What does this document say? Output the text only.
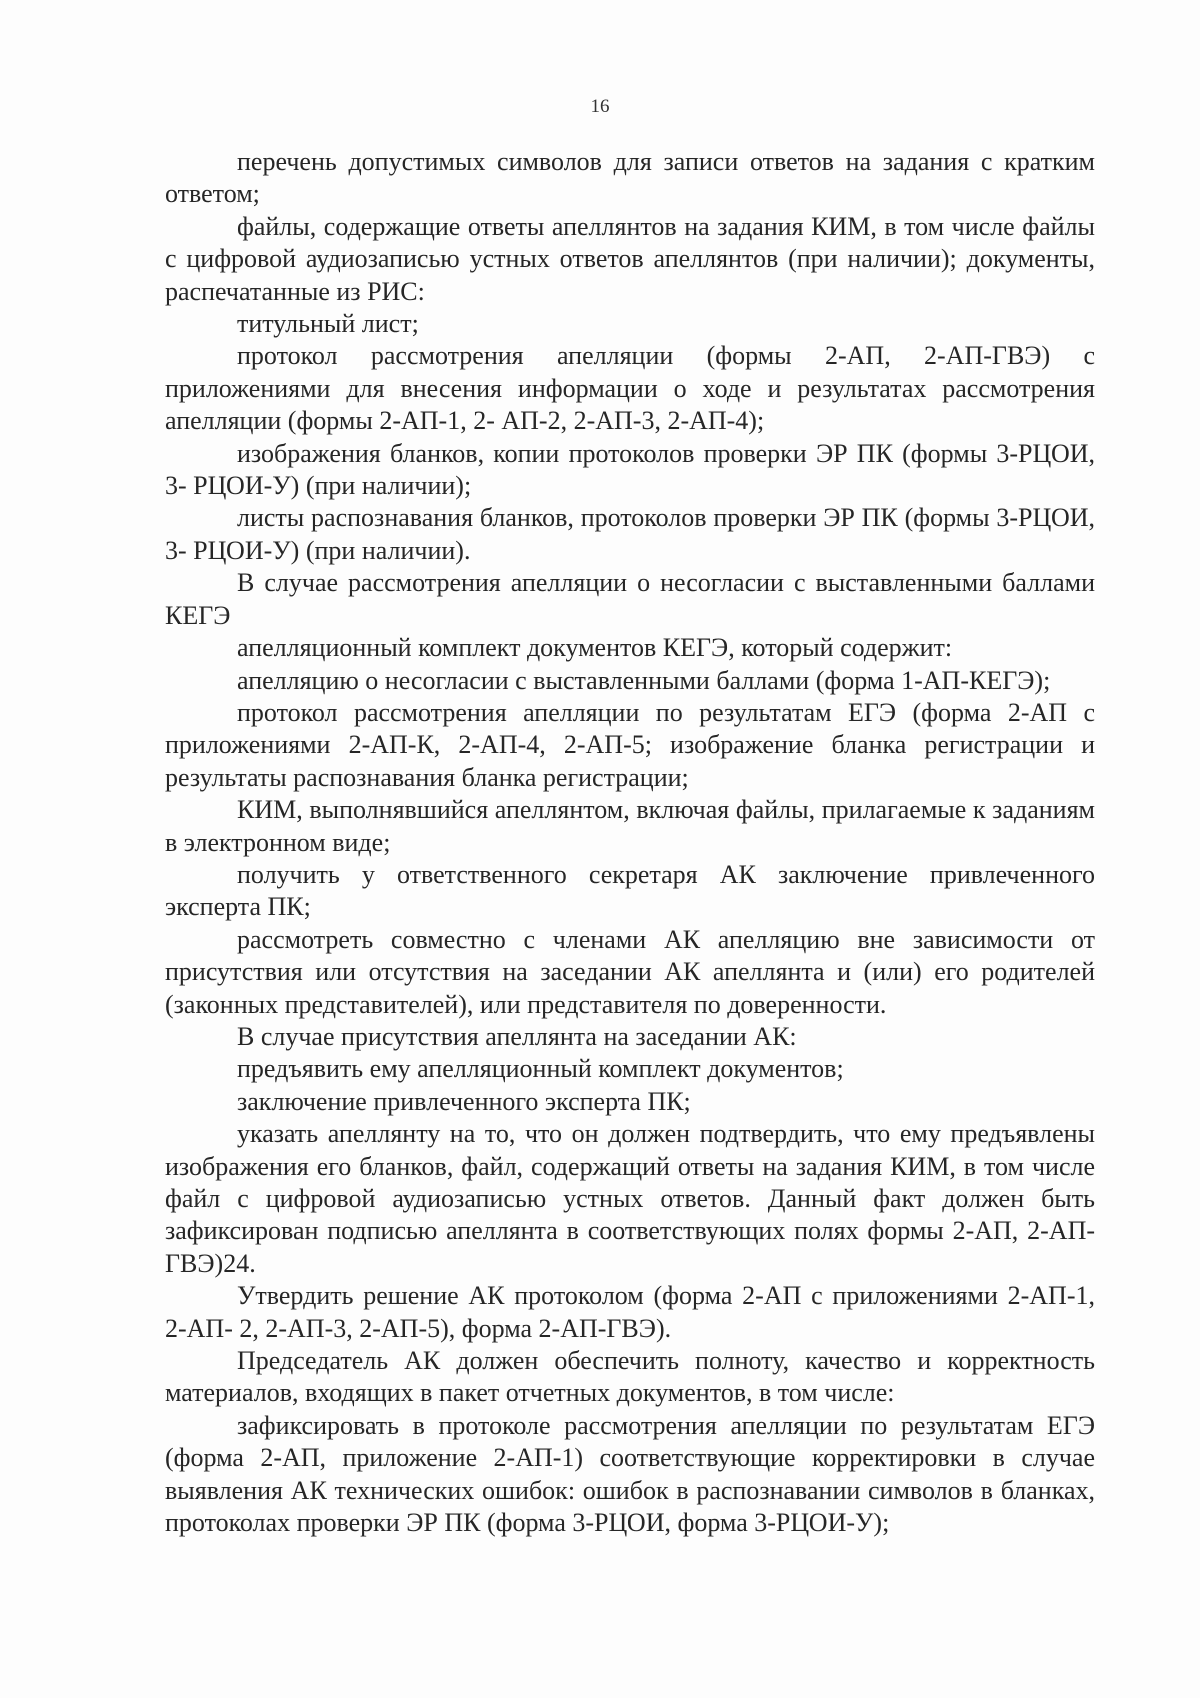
16

перечень допустимых символов для записи ответов на задания с кратким ответом;

файлы, содержащие ответы апеллянтов на задания КИМ, в том числе файлы с цифровой аудиозаписью устных ответов апеллянтов (при наличии); документы, распечатанные из РИС:

титульный лист;

протокол рассмотрения апелляции (формы 2-АП, 2-АП-ГВЭ) с приложениями для внесения информации о ходе и результатах рассмотрения апелляции (формы 2-АП-1, 2- АП-2, 2-АП-3, 2-АП-4);

изображения бланков, копии протоколов проверки ЭР ПК (формы 3-РЦОИ, 3- РЦОИ-У) (при наличии);

листы распознавания бланков, протоколов проверки ЭР ПК (формы 3-РЦОИ, 3- РЦОИ-У) (при наличии).

В случае рассмотрения апелляции о несогласии с выставленными баллами КЕГЭ

апелляционный комплект документов КЕГЭ, который содержит:

апелляцию о несогласии с выставленными баллами (форма 1-АП-КЕГЭ);

протокол рассмотрения апелляции по результатам ЕГЭ (форма 2-АП с приложениями 2-АП-К, 2-АП-4, 2-АП-5; изображение бланка регистрации и результаты распознавания бланка регистрации;

КИМ, выполнявшийся апеллянтом, включая файлы, прилагаемые к заданиям в электронном виде;

получить у ответственного секретаря АК заключение привлеченного эксперта ПК;

рассмотреть совместно с членами АК апелляцию вне зависимости от присутствия или отсутствия на заседании АК апеллянта и (или) его родителей (законных представителей), или представителя по доверенности.

В случае присутствия апеллянта на заседании АК:

предъявить ему апелляционный комплект документов;

заключение привлеченного эксперта ПК;

указать апеллянту на то, что он должен подтвердить, что ему предъявлены изображения его бланков, файл, содержащий ответы на задания КИМ, в том числе файл с цифровой аудиозаписью устных ответов. Данный факт должен быть зафиксирован подписью апеллянта в соответствующих полях формы 2-АП, 2-АП-ГВЭ)24.

Утвердить решение АК протоколом (форма 2-АП с приложениями 2-АП-1, 2-АП- 2, 2-АП-3, 2-АП-5), форма 2-АП-ГВЭ).

Председатель АК должен обеспечить полноту, качество и корректность материалов, входящих в пакет отчетных документов, в том числе:

зафиксировать в протоколе рассмотрения апелляции по результатам ЕГЭ (форма 2-АП, приложение 2-АП-1) соответствующие корректировки в случае выявления АК технических ошибок: ошибок в распознавании символов в бланках, протоколах проверки ЭР ПК (форма 3-РЦОИ, форма 3-РЦОИ-У);
